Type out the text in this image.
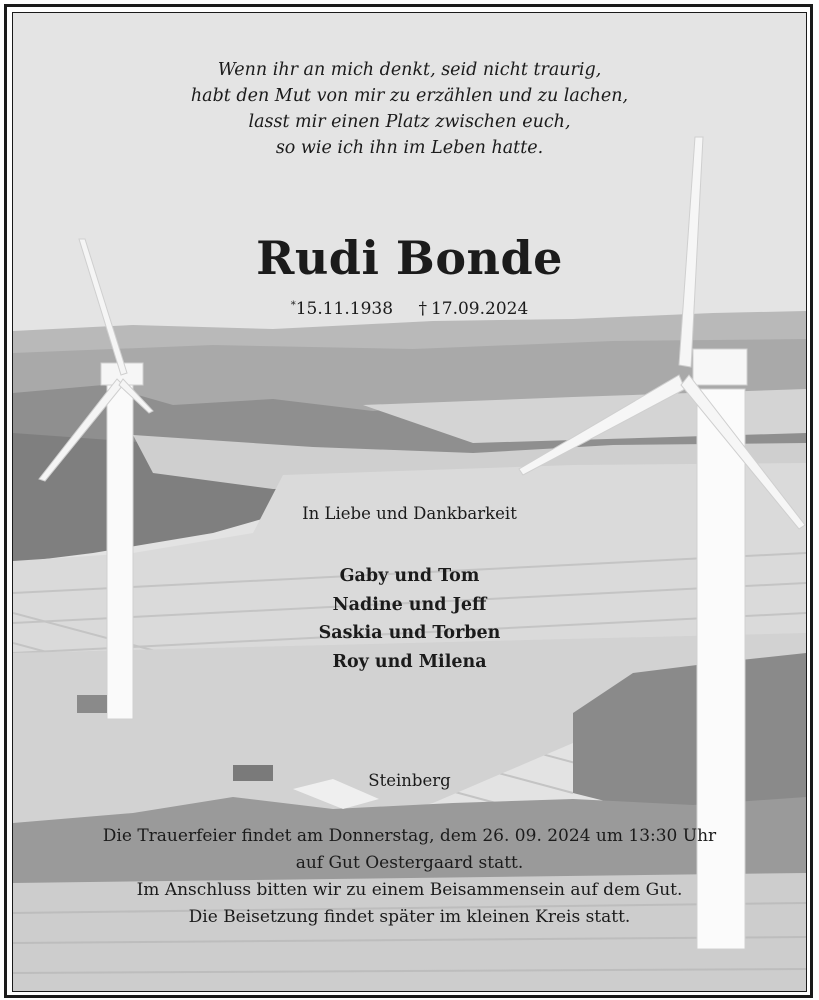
Wenn ihr an mich denkt, seid nicht traurig,
habt den Mut von mir zu erzählen und zu lachen,
lasst mir einen Platz zwischen euch,
so wie ich ihn im Leben hatte.
Rudi Bonde
*15.11.1938 † 17.09.2024
In Liebe und Dankbarkeit
Gaby und Tom
Nadine und Jeff
Saskia und Torben
Roy und Milena
Steinberg
Die Trauerfeier findet am Donnerstag, dem 26. 09. 2024 um 13:30 Uhr
auf Gut Oestergaard statt.
Im Anschluss bitten wir zu einem Beisammensein auf dem Gut.
Die Beisetzung findet später im kleinen Kreis statt.
